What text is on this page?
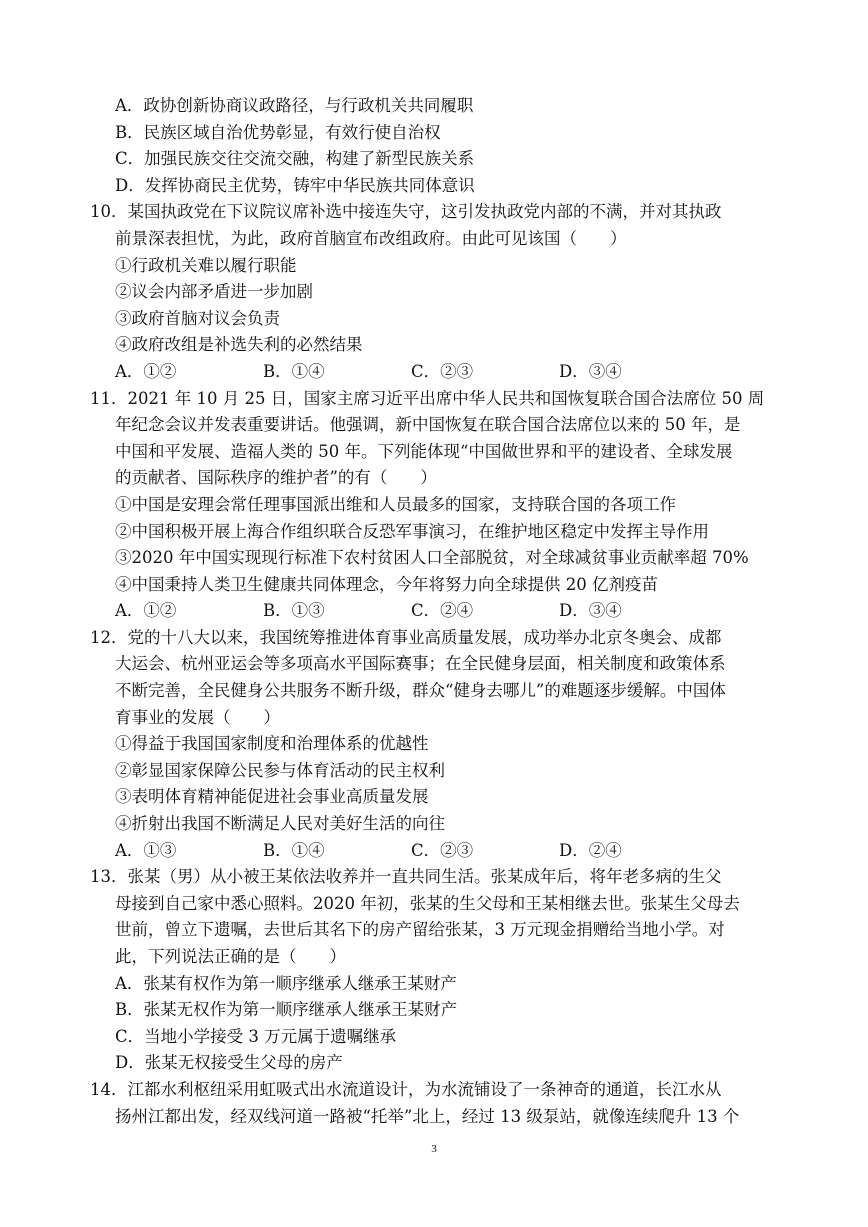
A．政协创新协商议政路径，与行政机关共同履职
B．民族区域自治优势彰显，有效行使自治权
C．加强民族交往交流交融，构建了新型民族关系
D．发挥协商民主优势，铸牢中华民族共同体意识
10．某国执政党在下议院议席补选中接连失守，这引发执政党内部的不满，并对其执政
前景深表担忧，为此，政府首脑宣布改组政府。由此可见该国（　　）
①行政机关难以履行职能
②议会内部矛盾进一步加剧
③政府首脑对议会负责
④政府改组是补选失利的必然结果
A．①②	B．①④	C．②③	D．③④
11．2021 年 10 月 25 日，国家主席习近平出席中华人民共和国恢复联合国合法席位 50 周
年纪念会议并发表重要讲话。他强调，新中国恢复在联合国合法席位以来的 50 年，是
中国和平发展、造福人类的 50 年。下列能体现“中国做世界和平的建设者、全球发展
的贡献者、国际秩序的维护者”的有（　　）
①中国是安理会常任理事国派出维和人员最多的国家，支持联合国的各项工作
②中国积极开展上海合作组织联合反恐军事演习，在维护地区稳定中发挥主导作用
③2020 年中国实现现行标准下农村贫困人口全部脱贫，对全球减贫事业贡献率超 70%
④中国秉持人类卫生健康共同体理念，今年将努力向全球提供 20 亿剂疫苗
A．①②	B．①③	C．②④	D．③④
12．党的十八大以来，我国统筹推进体育事业高质量发展，成功举办北京冬奥会、成都
大运会、杭州亚运会等多项高水平国际赛事；在全民健身层面，相关制度和政策体系
不断完善，全民健身公共服务不断升级，群众“健身去哪儿”的难题逐步缓解。中国体
育事业的发展（　　）
①得益于我国国家制度和治理体系的优越性
②彰显国家保障公民参与体育活动的民主权利
③表明体育精神能促进社会事业高质量发展
④折射出我国不断满足人民对美好生活的向往
A．①③	B．①④	C．②③	D．②④
13．张某（男）从小被王某依法收养并一直共同生活。张某成年后，将年老多病的生父
母接到自己家中悉心照料。2020 年初，张某的生父母和王某相继去世。张某生父母去
世前，曾立下遗嘱，去世后其名下的房产留给张某，3 万元现金捐赠给当地小学。对
此，下列说法正确的是（　　）
A．张某有权作为第一顺序继承人继承王某财产
B．张某无权作为第一顺序继承人继承王某财产
C．当地小学接受 3 万元属于遗嘱继承
D．张某无权接受生父母的房产
14．江都水利枢纽采用虹吸式出水流道设计，为水流铺设了一条神奇的通道，长江水从
扬州江都出发，经双线河道一路被“托举”北上，经过 13 级泵站，就像连续爬升 13 个
3
